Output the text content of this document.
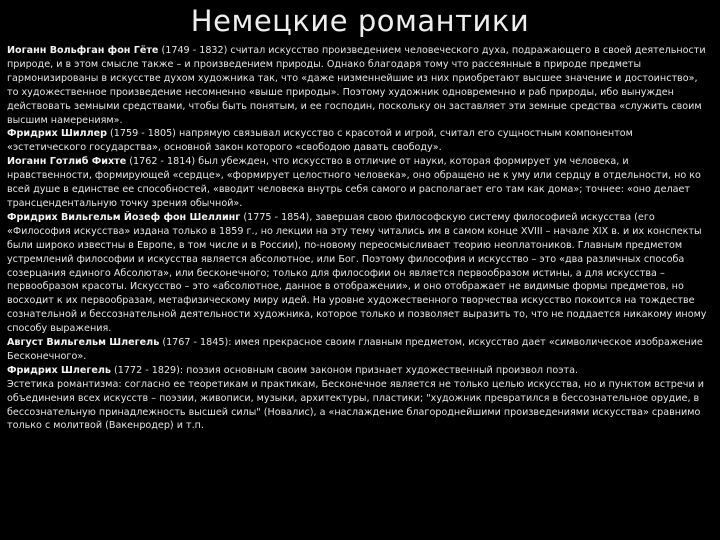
Немецкие романтики

Иоганн Вольфган фон Гёте (1749 - 1832) считал искусство произведением человеческого духа, подражающего в своей деятельности природе, и в этом смысле также – и произведением природы. Однако благодаря тому что рассеянные в природе предметы гармонизированы в искусстве духом художника так, что «даже низменнейшие из них приобретают высшее значение и достоинство», то художественное произведение несомненно «выше природы». Поэтому художник одновременно и раб природы, ибо вынужден действовать земными средствами, чтобы быть понятым, и ее господин, поскольку он заставляет эти земные средства «служить своим высшим намерениям».

Фридрих Шиллер (1759 - 1805) напрямую связывал искусство с красотой и игрой, считал его сущностным компонентом «эстетического государства», основной закон которого «свободою давать свободу».

Иоганн Готлиб Фихте (1762 - 1814) был убежден, что искусство в отличие от науки, которая формирует ум человека, и нравственности, формирующей «сердце», «формирует целостного человека», оно обращено не к уму или сердцу в отдельности, но ко всей душе в единстве ее способностей, «вводит человека внутрь себя самого и располагает его там как дома»; точнее: «оно делает трансцендентальную точку зрения обычной».

Фридрих Вильгельм Йозеф фон Шеллинг (1775 - 1854), завершая свою философскую систему философией искусства (его «Философия искусства» издана только в 1859 г., но лекции на эту тему читались им в самом конце XVIII – начале XIX в. и их конспекты были широко известны в Европе, в том числе и в России), по-новому переосмысливает теорию неоплатоников. Главным предметом устремлений философии и искусства является абсолютное, или Бог. Поэтому философия и искусство – это «два различных способа созерцания единого Абсолюта», или бесконечного; только для философии он является первообразом истины, а для искусства – первообразом красоты. Искусство – это «абсолютное, данное в отображении», и оно отображает не видимые формы предметов, но восходит к их первообразам, метафизическому миру идей. На уровне художественного творчества искусство покоится на тождестве сознательной и бессознательной деятельности художника, которое только и позволяет выразить то, что не поддается никакому иному способу выражения.

Август Вильгельм Шлегель (1767 - 1845): имея прекрасное своим главным предметом, искусство дает «символическое изображение Бесконечного».

Фридрих Шлегель (1772 - 1829): поэзия основным своим законом признает художественный произвол поэта.

Эстетика романтизма: согласно ее теоретикам и практикам, Бесконечное является не только целью искусства, но и пунктом встречи и объединения всех искусств – поэзии, живописи, музыки, архитектуры, пластики; "художник превратился в бессознательное орудие, в бессознательную принадлежность высшей силы" (Новалис), а «наслаждение благороднейшими произведениями искусства» сравнимо только с молитвой (Вакенродер) и т.п.
